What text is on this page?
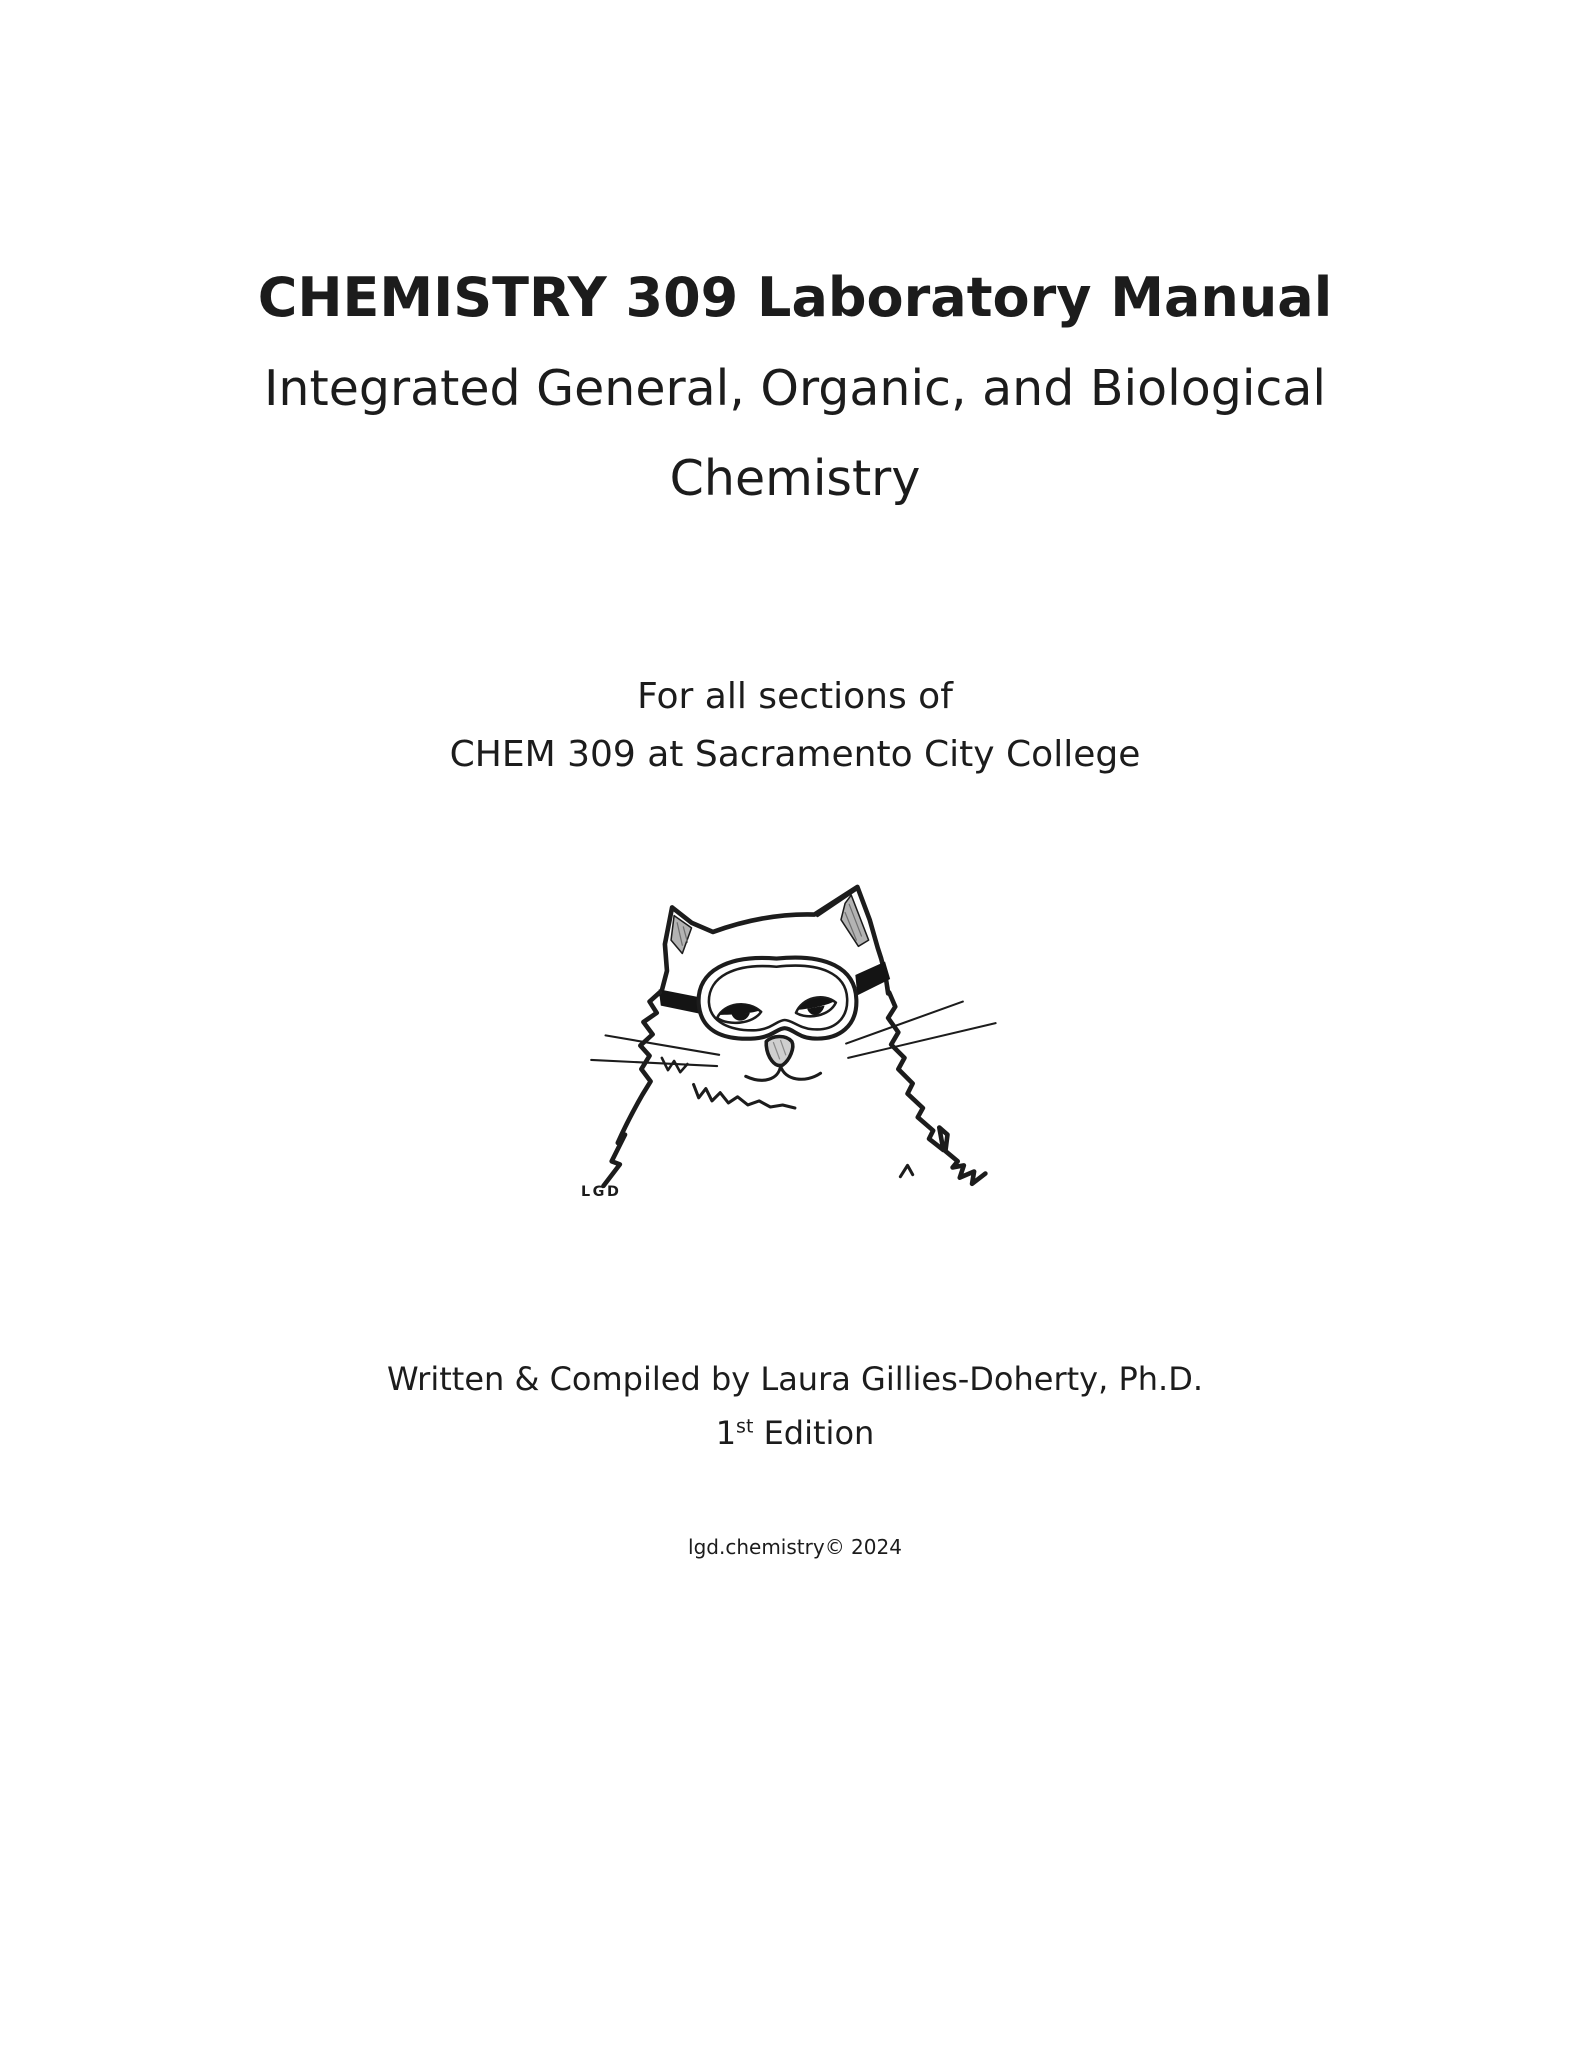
CHEMISTRY 309 Laboratory Manual
Integrated General, Organic, and Biological
Chemistry
For all sections of
CHEM 309 at Sacramento City College
LGD
Written & Compiled by Laura Gillies-Doherty, Ph.D.
1st Edition
lgd.chemistry© 2024
